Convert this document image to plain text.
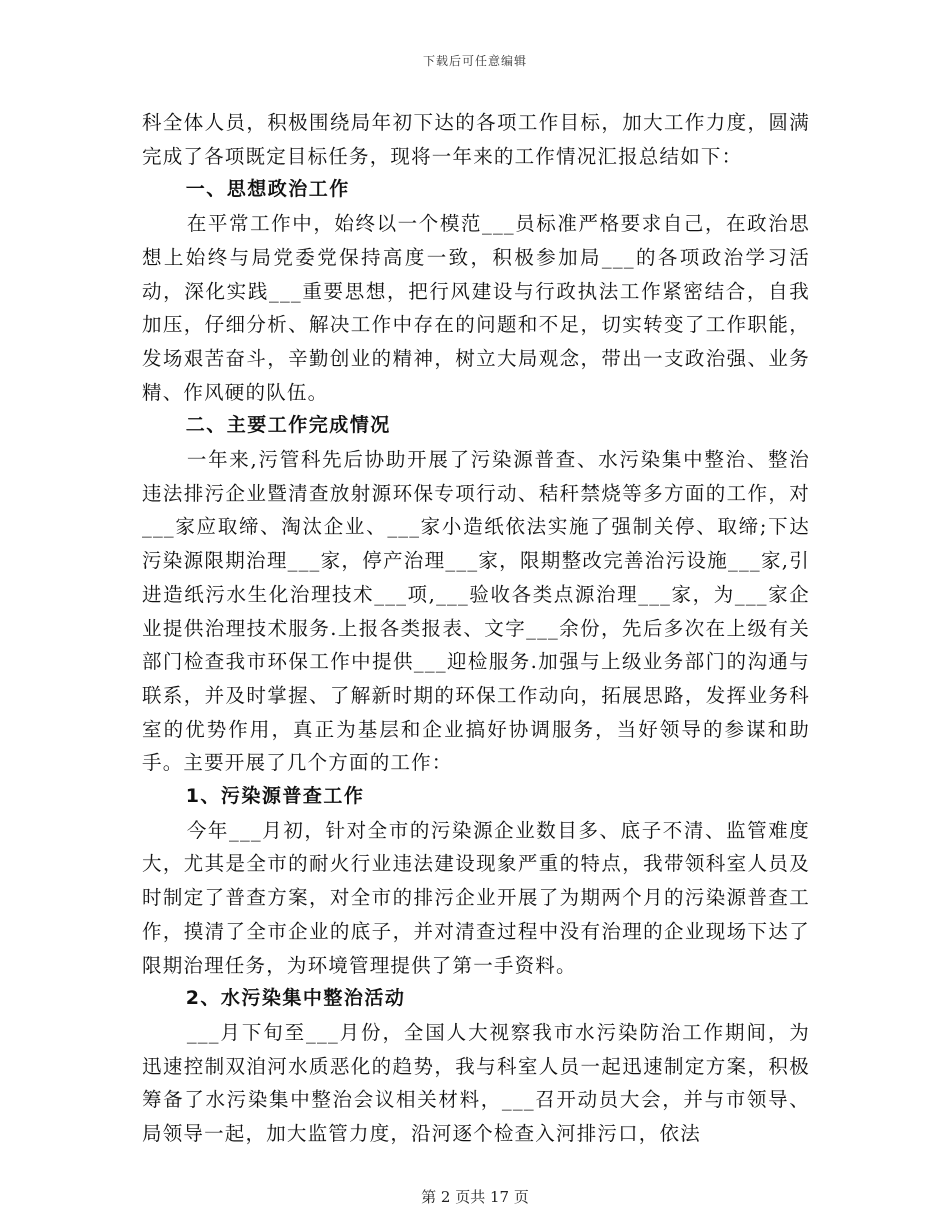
下载后可任意编辑

科全体人员，积极围绕局年初下达的各项工作目标，加大工作力度，圆满完成了各项既定目标任务，现将一年来的工作情况汇报总结如下：

一、思想政治工作

在平常工作中，始终以一个模范___员标准严格要求自己，在政治思想上始终与局党委党保持高度一致，积极参加局___的各项政治学习活动，深化实践___重要思想，把行风建设与行政执法工作紧密结合，自我加压，仔细分析、解决工作中存在的问题和不足，切实转变了工作职能，发场艰苦奋斗，辛勤创业的精神，树立大局观念，带出一支政治强、业务精、作风硬的队伍。

二、主要工作完成情况

一年来,污管科先后协助开展了污染源普查、水污染集中整治、整治违法排污企业暨清查放射源环保专项行动、秸秆禁烧等多方面的工作，对___家应取缔、淘汰企业、___家小造纸依法实施了强制关停、取缔;下达污染源限期治理___家，停产治理___家，限期整改完善治污设施___家,引进造纸污水生化治理技术___项,___验收各类点源治理___家，为___家企业提供治理技术服务.上报各类报表、文字___余份，先后多次在上级有关部门检查我市环保工作中提供___迎检服务.加强与上级业务部门的沟通与联系，并及时掌握、了解新时期的环保工作动向，拓展思路，发挥业务科室的优势作用，真正为基层和企业搞好协调服务，当好领导的参谋和助手。主要开展了几个方面的工作：

1、污染源普查工作

今年___月初，针对全市的污染源企业数目多、底子不清、监管难度大，尤其是全市的耐火行业违法建设现象严重的特点，我带领科室人员及时制定了普查方案，对全市的排污企业开展了为期两个月的污染源普查工作，摸清了全市企业的底子，并对清查过程中没有治理的企业现场下达了限期治理任务，为环境管理提供了第一手资料。

2、水污染集中整治活动

___月下旬至___月份，全国人大视察我市水污染防治工作期间，为迅速控制双洎河水质恶化的趋势，我与科室人员一起迅速制定方案，积极筹备了水污染集中整治会议相关材料，___召开动员大会，并与市领导、局领导一起，加大监管力度，沿河逐个检查入河排污口，依法

第 2 页共 17 页
